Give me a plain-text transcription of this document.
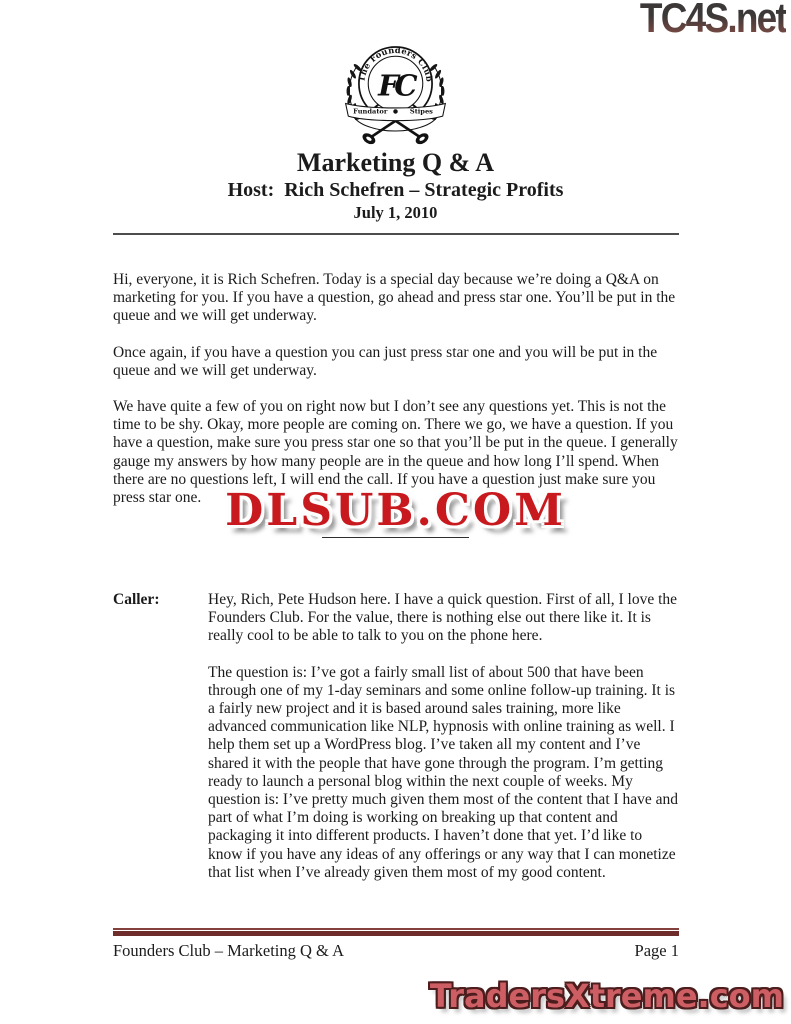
TC4S.net
The Founders Club
FC
Fundator Stipes
Marketing Q & A
Host:  Rich Schefren – Strategic Profits
July 1, 2010

Hi, everyone, it is Rich Schefren. Today is a special day because we’re doing a Q&A on marketing for you. If you have a question, go ahead and press star one. You’ll be put in the queue and we will get underway.

Once again, if you have a question you can just press star one and you will be put in the queue and we will get underway.

We have quite a few of you on right now but I don’t see any questions yet. This is not the time to be shy. Okay, more people are coming on. There we go, we have a question. If you have a question, make sure you press star one so that you’ll be put in the queue. I generally gauge my answers by how many people are in the queue and how long I’ll spend. When there are no questions left, I will end the call. If you have a question just make sure you press star one. DLSUB.COM
Caller:	Hey, Rich, Pete Hudson here. I have a quick question. First of all, I love the Founders Club. For the value, there is nothing else out there like it. It is really cool to be able to talk to you on the phone here.

The question is: I’ve got a fairly small list of about 500 that have been through one of my 1-day seminars and some online follow-up training. It is a fairly new project and it is based around sales training, more like advanced communication like NLP, hypnosis with online training as well. I help them set up a WordPress blog. I’ve taken all my content and I’ve shared it with the people that have gone through the program. I’m getting ready to launch a personal blog within the next couple of weeks. My question is: I’ve pretty much given them most of the content that I have and part of what I’m doing is working on breaking up that content and packaging it into different products. I haven’t done that yet. I’d like to know if you have any ideas of any offerings or any way that I can monetize that list when I’ve already given them most of my good content.

Founders Club – Marketing Q & A	Page 1
TradersXtreme.com
